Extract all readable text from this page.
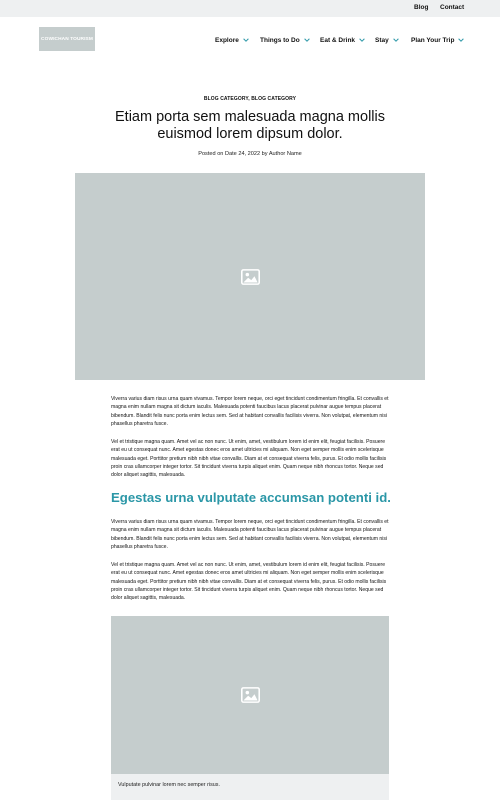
Blog Contact
COWICHAN TOURISM	Explore	Things to Do	Eat & Drink	Stay	Plan Your Trip
BLOG CATEGORY, BLOG CATEGORY
Etiam porta sem malesuada magna mollis euismod lorem dipsum dolor.
Posted on Date 24, 2022 by Author Name

Viverra varius diam risus urna quam vivamus. Tempor lorem neque, orci eget tincidunt condimentum fringilla. Et convallis et magna enim nullam magna sit dictum iaculis. Malesuada potenti faucibus lacus placerat pulvinar augue tempus placerat bibendum. Blandit felis nunc porta enim lectus sem. Sed at habitant convallis facilisis viverra. Non volutpat, elementum nisi phasellus pharetra fusce.

Vel et tristique magna quam. Amet vel ac non nunc. Ut enim, amet, vestibulum lorem id enim elit, feugiat facilisis. Posuere erat eu ut consequat nunc. Amet egestas donec eros amet ultricies mi aliquam. Non eget semper mollis enim scelerisque malesuada eget. Porttitor pretium nibh nibh vitae convallis. Diam at et consequat viverra felis, purus. Et odio mollis facilisis proin cras ullamcorper integer tortor. Sit tincidunt viverra turpis aliquet enim. Quam neque nibh rhoncus tortor. Neque sed dolor aliquet sagittis, malesuada.

Egestas urna vulputate accumsan potenti id.

Viverra varius diam risus urna quam vivamus. Tempor lorem neque, orci eget tincidunt condimentum fringilla. Et convallis et magna enim nullam magna sit dictum iaculis. Malesuada potenti faucibus lacus placerat pulvinar augue tempus placerat bibendum. Blandit felis nunc porta enim lectus sem. Sed at habitant convallis facilisis viverra. Non volutpat, elementum nisi phasellus pharetra fusce.

Vel et tristique magna quam. Amet vel ac non nunc. Ut enim, amet, vestibulum lorem id enim elit, feugiat facilisis. Posuere erat eu ut consequat nunc. Amet egestas donec eros amet ultricies mi aliquam. Non eget semper mollis enim scelerisque malesuada eget. Porttitor pretium nibh nibh vitae convallis. Diam at et consequat viverra felis, purus. Et odio mollis facilisis proin cras ullamcorper integer tortor. Sit tincidunt viverra turpis aliquet enim. Quam neque nibh rhoncus tortor. Neque sed dolor aliquet sagittis, malesuada.

Vulputate pulvinar lorem nec semper risus.
